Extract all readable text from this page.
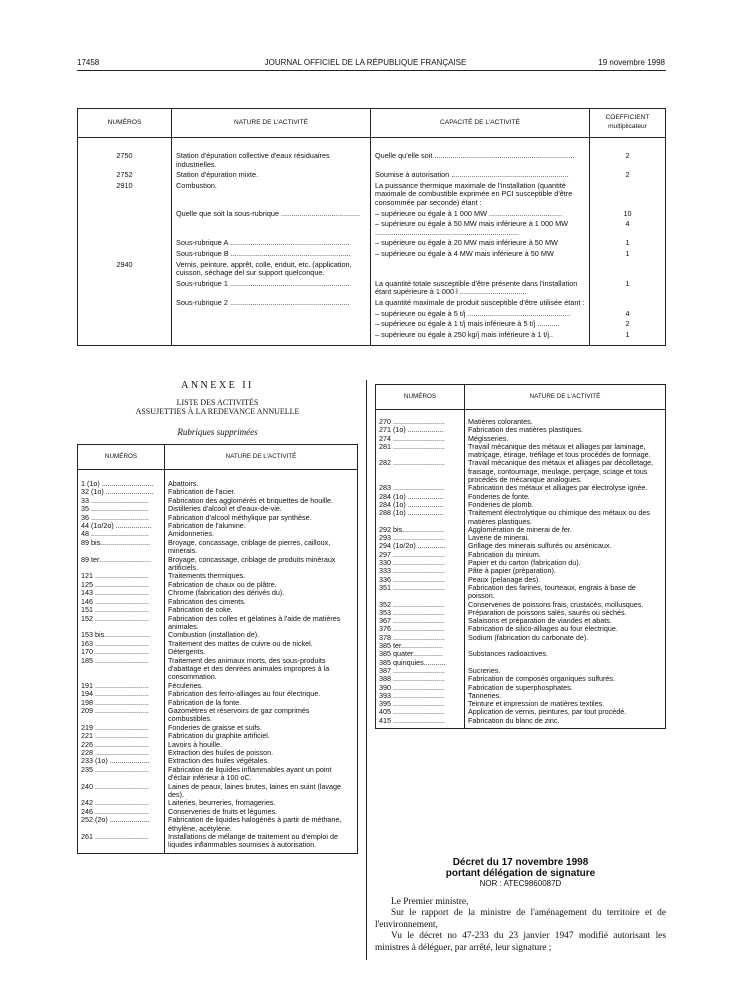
17458	JOURNAL OFFICIEL DE LA RÉPUBLIQUE FRANÇAISE	19 novembre 1998
NUMÉROS	NATURE DE L'ACTIVITÉ	CAPACITÉ DE L'ACTIVITÉ	COEFFICIENT multiplicateur
2750	Station d'épuration collective d'eaux résiduaires industrielles.	Quelle qu'elle soit .....................................................................	2
2752	Station d'épuration mixte.	Soumise à autorisation ..........................................................	2
2910	Combustion.	La puissance thermique maximale de l'installation (quantité maximale de combustible exprimée en PCI susceptible d'être consommée par seconde) étant :	
	Quelle que soit la sous-rubrique .......................................	– supérieure ou égale à 1 000 MW ....................................	10
		– supérieure ou égale à 50 MW mais inférieure à 1 000 MW .......................................................................	4
	Sous-rubrique A ...........................................................	– supérieure ou égale à 20 MW mais inférieure à 50 MW	1
	Sous-rubrique B ...........................................................	– supérieure ou égale à 4 MW mais inférieure à 50 MW	1
2940	Vernis, peinture, apprêt, colle, enduit, etc. (application, cuisson, séchage del sur support quelconque.		
	Sous-rubrique 1 ...........................................................	La quantité totale susceptible d'être présente dans l'installation étant supérieure à 1 000 l .................................	1
	Sous-rubrique 2 ...........................................................	La quantité maximale de produit susceptible d'être utilisée étant :	
		– supérieure ou égale à 5 t/j ...................................................	4
		– supérieure ou égale à 1 t/j mais inférieure à 5 t/j ...........	2
		– supérieure ou égale à 250 kg/j mais inférieure à 1 t/j..	1
ANNEXE II
LISTE DES ACTIVITÉS
ASSUJETTIES À LA REDEVANCE ANNUELLE
Rubriques supprimées
NUMÉROS	NATURE DE L'ACTIVITÉ
1 (1o) ..........................	Abattoirs.
32 (1o) ........................	Fabrication de l'acier.
33 .............................	Fabrication des agglomérés et briquettes de houille.
35 .............................	Distilleries d'alcool et d'eaux-de-vie.
36 .............................	Fabrication d'alcool méthylique par synthèse.
44 (1o/2o) ..................	Fabrication de l'alumine.
48 .............................	Amidonneries.
89 bis.........................	Broyage, concassage, criblage de pierres, cailloux, minerais.
89 ter..........................	Broyage, concassage, criblage de produits minéraux artificiels.
121 ...........................	Traitements thermiques.
125 ...........................	Fabrication de chaux ou de plâtre.
143 ...........................	Chrome (fabrication des dérivés du).
146 ...........................	Fabrication des ciments.
151 ...........................	Fabrication de coke.
152 ...........................	Fabrication des colles et gélatines à l'aide de matières animales.
153 bis.......................	Combustion (installation de).
163 ...........................	Traitement des mattes de cuivre ou de nickel.
170 ...........................	Détergents.
185 ...........................	Traitement des animaux morts, des sous-produits d'abattage et des denrées animales impropres à la consommation.
191 ...........................	Féculeries.
194 ...........................	Fabrication des ferro-alliages au four électrique.
198 ...........................	Fabrication de la fonte.
209 ...........................	Gazomètres et réservoirs de gaz comprimés combustibles.
219 ...........................	Fonderies de graisse et suifs.
221 ...........................	Fabrication du graphite artificiel.
226 ...........................	Lavoirs à houille.
228 ...........................	Extraction des huiles de poisson.
233 (1o) ....................	Extraction des huiles végétales.
235 ...........................	Fabrication de liquides inflammables ayant un point d'éclair inférieur à 100 oC.
240 ...........................	Laines de peaux, laines brutes, laines en suint (lavage des).
242 ...........................	Laiteries, beurreries, fromageries.
246 ...........................	Conserveries de fruits et légumes.
252 (2o) ....................	Fabrication de liquides halogénés à partir de méthane, éthylène, acétylène.
261 ...........................	Installations de mélange de traitement ou d'emploi de liquides inflammables soumises à autorisation.
NUMÉROS	NATURE DE L'ACTIVITÉ
270 ..........................	Matières colorantes.
271 (1o) ..................	Fabrication des matières plastiques.
274 ..........................	Mégisseries.
281 ..........................	Travail mécanique des métaux et alliages par laminage, matriçage, étirage, tréfilage et tous procédés de formage.
282 ..........................	Travail mécanique des métaux et alliages par décolletage, fraisage, contournage, meulage, perçage, sciage et tous procédés de mécanique analogues.
283 ..........................	Fabrication des métaux et alliages par électrolyse ignée.
284 (1o) ..................	Fonderies de fonte.
284 (1o) ..................	Fonderies de plomb.
288 (1o) ..................	Traitement électrolytique ou chimique des métaux ou des matières plastiques.
292 bis.....................	Agglomération de minerai de fer.
293 ..........................	Laverie de minerai.
294 (1o/2o) ..............	Grillage des minerais sulfurés ou arsénicaux.
297 ..........................	Fabrication du minium.
330 ..........................	Papier et du carton (fabrication du).
333 ..........................	Pâte à papier (préparation).
336 ..........................	Peaux (pelanage des).
351 ..........................	Fabrication des farines, tourteaux, engrais à base de poisson.
352 ..........................	Conserveries de poissons frais, crustacés, mollusques.
353 ..........................	Préparation de poissons salés, saurés ou séchés.
367 ..........................	Salaisons et préparation de viandes et abats.
376 ..........................	Fabrication de silico-alliages au four électrique.
378 ..........................	Sodium (fabrication du carbonate de).
385 ter.....................	
385 quater...............	Substances radioactives.
385 quinquies...........	
387 ..........................	Sucreries.
388 ..........................	Fabrication de composés organiques sulfurés.
390 ..........................	Fabrication de superphosphates.
393 ..........................	Tanneries.
395 ..........................	Teinture et impression de matières textiles.
405 ..........................	Application de vernis, peintures, par tout procédé.
415 ..........................	Fabrication du blanc de zinc.
Décret du 17 novembre 1998
portant délégation de signature
NOR : ATEC9860087D

Le Premier ministre,

Sur le rapport de la ministre de l'aménagement du territoire et de l'environnement,

Vu le décret no 47-233 du 23 janvier 1947 modifié autorisant les ministres à déléguer, par arrêté, leur signature ;
